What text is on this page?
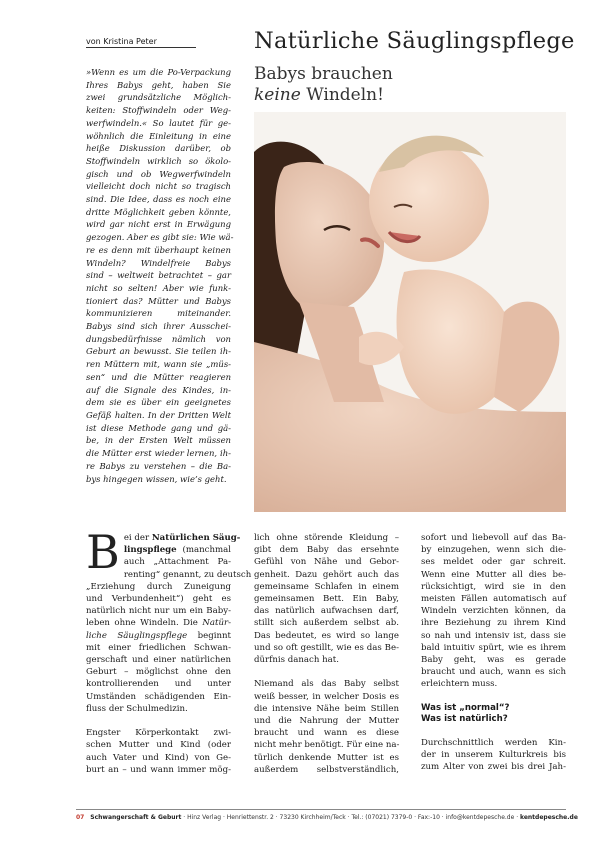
von Kristina Peter	Natürliche Säuglingspflege
Babys brauchen
keine Windeln!
»Wenn es um die Po-Verpackung
Ihres Babys geht, haben Sie
zwei grundsätzliche Möglich-
keiten: Stoffwindeln oder Weg-
werfwindeln.« So lautet für ge-
wöhnlich die Einleitung in eine
heiße Diskussion darüber, ob
Stoffwindeln wirklich so ökolo-
gisch und ob Wegwerfwindeln
vielleicht doch nicht so tragisch
sind. Die Idee, dass es noch eine
dritte Möglichkeit geben könnte,
wird gar nicht erst in Erwägung
gezogen. Aber es gibt sie: Wie wä-
re es denn mit überhaupt keinen
Windeln? Windelfreie Babys
sind – weltweit betrachtet – gar
nicht so selten! Aber wie funk-
tioniert das? Mütter und Babys
kommunizieren miteinander.
Babys sind sich ihrer Ausschei-
dungsbedürfnisse nämlich von
Geburt an bewusst. Sie teilen ih-
ren Müttern mit, wann sie „müs-
sen“ und die Mütter reagieren
auf die Signale des Kindes, in-
dem sie es über ein geeignetes
Gefäß halten. In der Dritten Welt
ist diese Methode gang und gä-
be, in der Ersten Welt müssen
die Mütter erst wieder lernen, ih-
re Babys zu verstehen – die Ba-
bys hingegen wissen, wie’s geht.
B ei der Natürlichen Säug-
lingspflege (manchmal
auch „Attachment Pa-
renting“ genannt, zu deutsch
„Erziehung durch Zuneigung
und Verbundenheit“) geht es
natürlich nicht nur um ein Baby-
leben ohne Windeln. Die Natür-
liche Säuglingspflege beginnt
mit einer friedlichen Schwan-
gerschaft und einer natürlichen
Geburt – möglichst ohne den
kontrollierenden und unter
Umständen schädigenden Ein-
fluss der Schulmedizin.
Engster Körperkontakt zwi-
schen Mutter und Kind (oder
auch Vater und Kind) von Ge-
burt an – und wann immer mög-
lich ohne störende Kleidung –
gibt dem Baby das ersehnte
Gefühl von Nähe und Gebor-
genheit. Dazu gehört auch das
gemeinsame Schlafen in einem
gemeinsamen Bett. Ein Baby,
das natürlich aufwachsen darf,
stillt sich außerdem selbst ab.
Das bedeutet, es wird so lange
und so oft gestillt, wie es das Be-
dürfnis danach hat.
Niemand als das Baby selbst
weiß besser, in welcher Dosis es
die intensive Nähe beim Stillen
und die Nahrung der Mutter
braucht und wann es diese
nicht mehr benötigt. Für eine na-
türlich denkende Mutter ist es
außerdem selbstverständlich,
sofort und liebevoll auf das Ba-
by einzugehen, wenn sich die-
ses meldet oder gar schreit.
Wenn eine Mutter all dies be-
rücksichtigt, wird sie in den
meisten Fällen automatisch auf
Windeln verzichten können, da
ihre Beziehung zu ihrem Kind
so nah und intensiv ist, dass sie
bald intuitiv spürt, wie es ihrem
Baby geht, was es gerade
braucht und auch, wann es sich
erleichtern muss.
Was ist „normal“?
Was ist natürlich?
Durchschnittlich werden Kin-
der in unserem Kulturkreis bis
zum Alter von zwei bis drei Jah-
07 Schwangerschaft & Geburt · Hinz Verlag · Henriettenstr. 2 · 73230 Kirchheim/Teck · Tel.: (07021) 7379-0 · Fax:-10 · info@kentdepesche.de · kentdepesche.de
